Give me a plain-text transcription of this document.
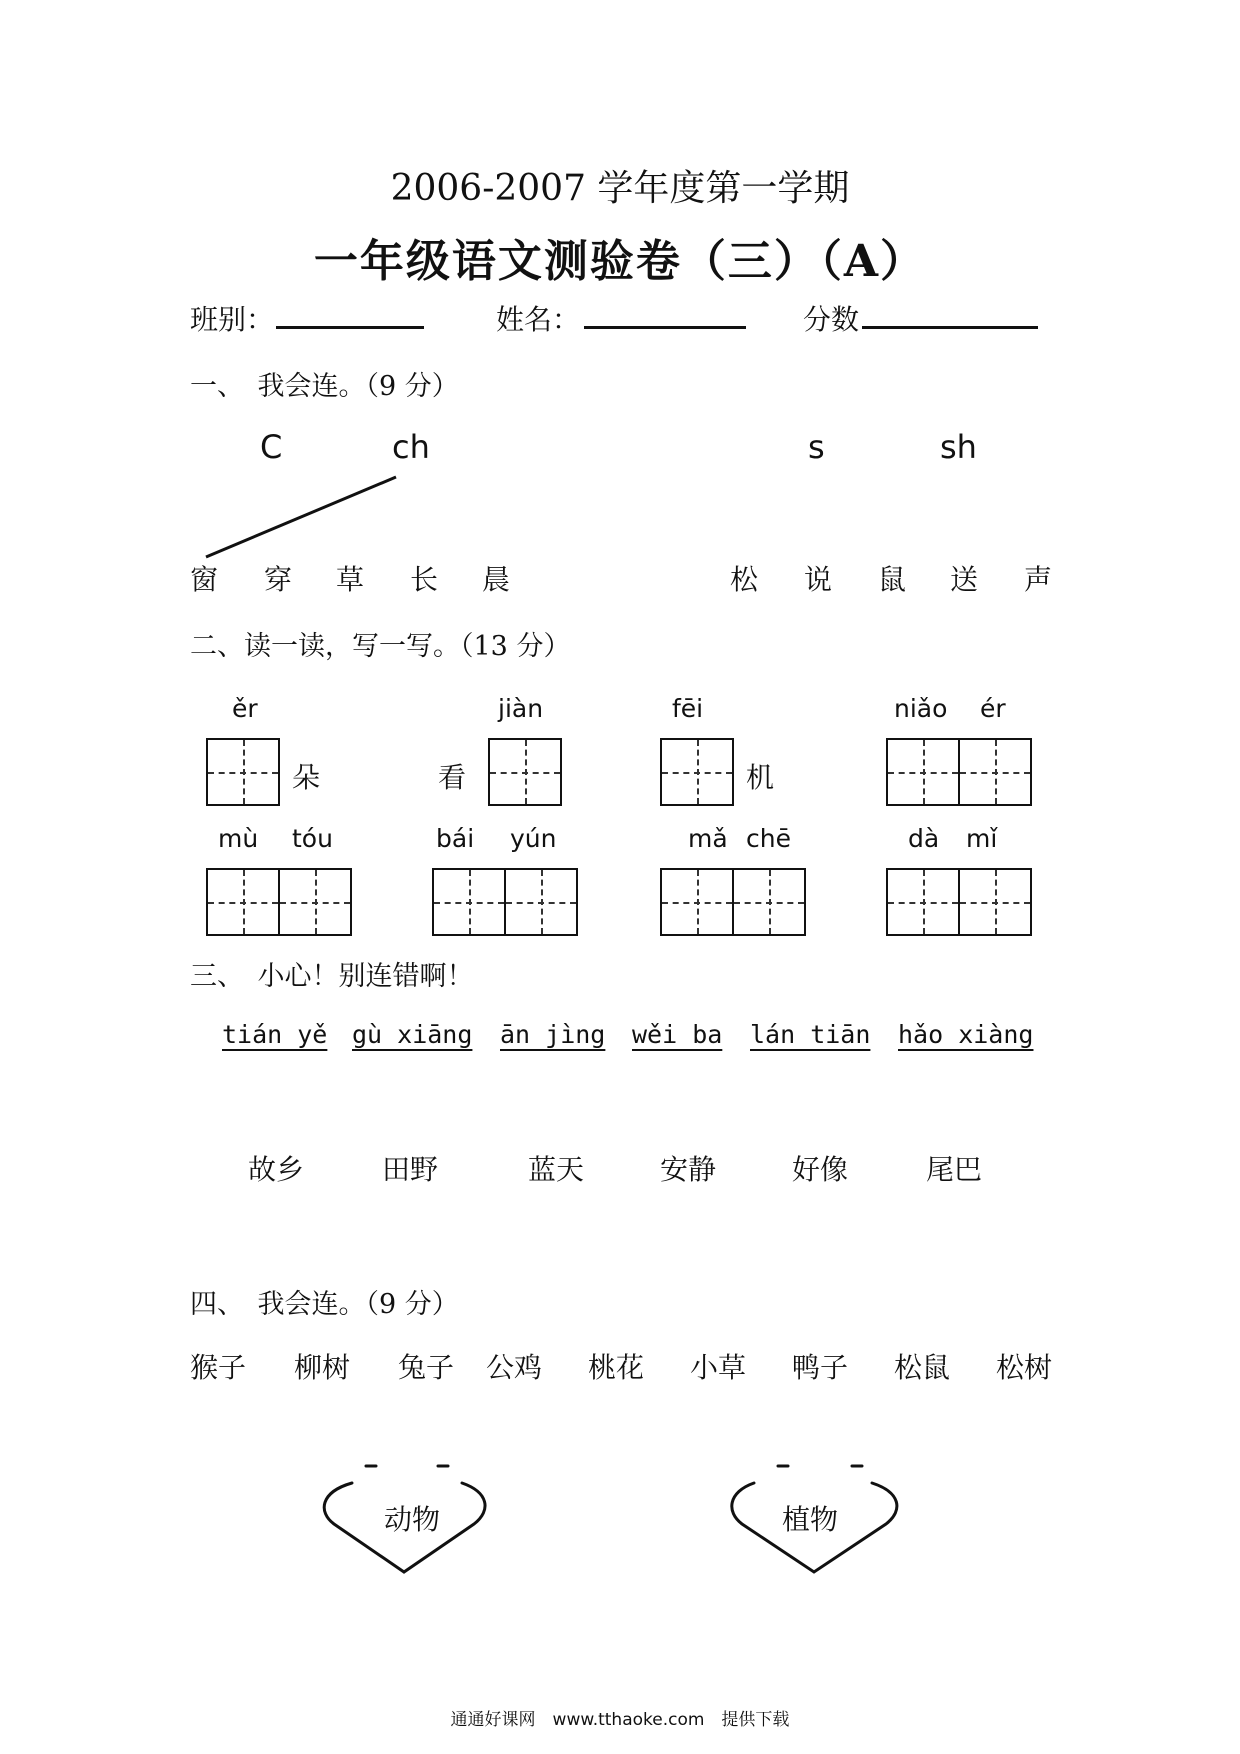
2006-2007 学年度第一学期
一年级语文测验卷（三）（A）
班别：	姓名：	分数
一、　我会连。（9 分）
C	ch	s	sh
窗 穿 草 长 晨	松 说 鼠 送 声
二、读一读，写一写。（13 分）
ěr	jiàn	fēi	niǎo ér
朵	看	机
mù tóu	bái yún	mǎ chē	dà mǐ
三、　小心！别连错啊！
tián yě gù xiāng ān jìng wěi ba lán tiān hǎo xiàng
故乡	田野	蓝天	安静	好像	尾巴
四、　我会连。（9 分）
猴子 柳树 兔子 公鸡 桃花 小草 鸭子 松鼠 松树
动物	植物
通通好课网　www.tthaoke.com　提供下载
